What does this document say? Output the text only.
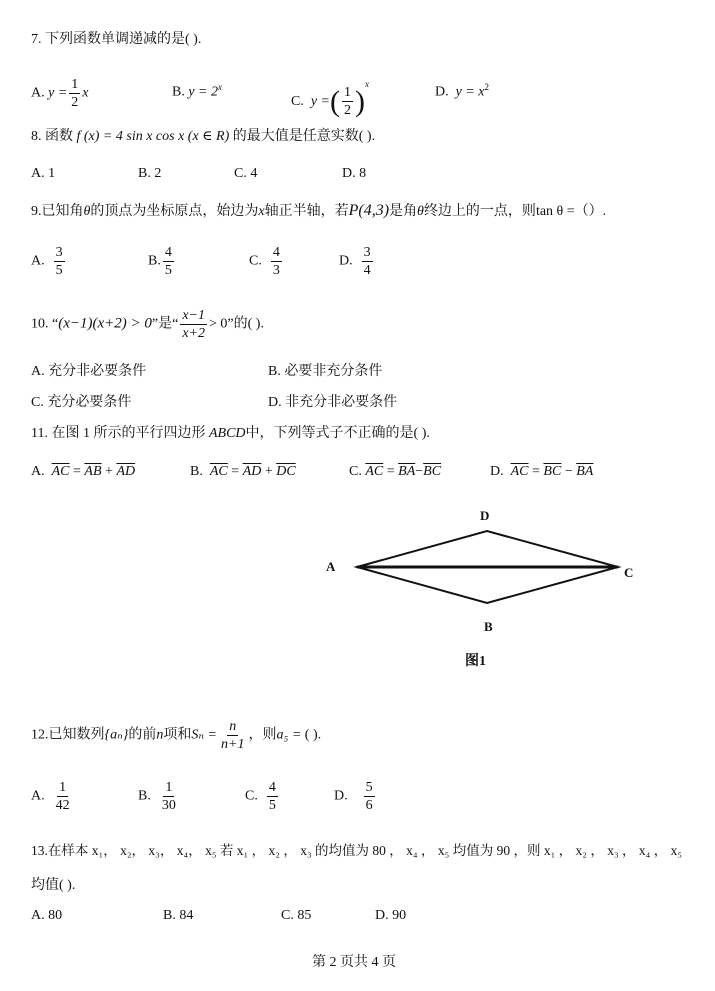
7. 下列函数单调递减的是( ).
A. $y = \frac{1}{2}$ x	B. $y = 2^x$
C. y =( $\frac{1}{2} )^x$
D. $y = x^2$
8. 函数 f (x) = 4 sin x cos x (x ∈ R) 的最大值是任意实数( ).
A. 1	B. 2	C. 4	D. 8
9.已知角θ的顶点为坐标原点，始边为x轴正半轴，若P(4,3)是角θ终边上的一点，则tan θ =（）.
A. $\frac{3}{5}$	B. $\frac{4}{5}$	C. $\frac{4}{3}$	D. $\frac{3}{4}$
10. “(x−1)(x+2) > 0”是“ $\frac{x-1}{x+2} > 0$”的( ).
A. 充分非必要条件	B. 必要非充分条件
C. 充分必要条件	D. 非充分非必要条件
11. 在图 1 所示的平行四边形 ABCD中，下列等式子不正确的是( ).
A. $\overline{AC} = \overline{AB} + \overline{AD}$	B. $\overline{AC} = \overline{AD} + \overline{DC}$	C. $\overline{AC} = \overline{BA}-\overline{BC}$	D. $\overline{AC} = \overline{BC} - \overline{BA}$
A
D
C
B
图1
12.已知数列{aₙ}的前n项和$S_n = \frac{n}{n+1}$ ，则a₅ = ( ).
A. $\frac{1}{42}$	B. $\frac{1}{30}$	C. $\frac{4}{5}$	D. $\frac{5}{6}$
13.在样本 x₁， x₂， x₃， x₄， x₅ 若 x₁ ， x₂ ， x₃ 的均值为 80 ， x₄ ， x₅ 均值为 90 ，则 x₁ ， x₂ ， x₃ ， x₄ ， x₅
均值( ).
A. 80	B. 84	C. 85	D. 90
第 2 页共 4 页
